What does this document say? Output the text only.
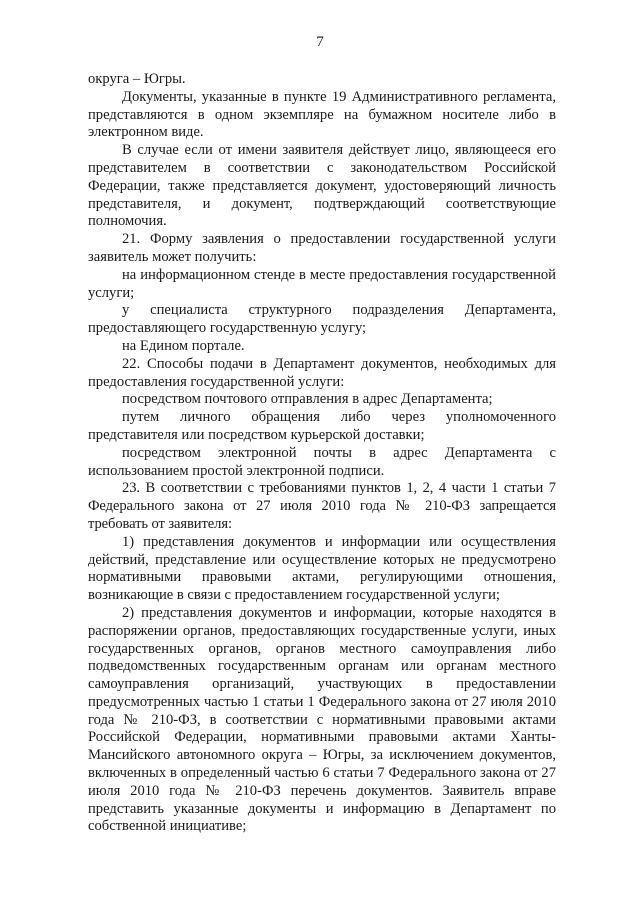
7

округа – Югры.

Документы, указанные в пункте 19 Административного регламента, представляются в одном экземпляре на бумажном носителе либо в электронном виде.

В случае если от имени заявителя действует лицо, являющееся его представителем в соответствии с законодательством Российской Федерации, также представляется документ, удостоверяющий личность представителя, и документ, подтверждающий соответствующие полномочия.

21. Форму заявления о предоставлении государственной услуги заявитель может получить:

на информационном стенде в месте предоставления государственной услуги;

у специалиста структурного подразделения Департамента, предоставляющего государственную услугу;

на Едином портале.

22. Способы подачи в Департамент документов, необходимых для предоставления государственной услуги:

посредством почтового отправления в адрес Департамента;

путем личного обращения либо через уполномоченного представителя или посредством курьерской доставки;

посредством электронной почты в адрес Департамента с использованием простой электронной подписи.

23. В соответствии с требованиями пунктов 1, 2, 4 части 1 статьи 7 Федерального закона от 27 июля 2010 года № 210-ФЗ запрещается требовать от заявителя:

1) представления документов и информации или осуществления действий, представление или осуществление которых не предусмотрено нормативными правовыми актами, регулирующими отношения, возникающие в связи с предоставлением государственной услуги;

2) представления документов и информации, которые находятся в распоряжении органов, предоставляющих государственные услуги, иных государственных органов, органов местного самоуправления либо подведомственных государственным органам или органам местного самоуправления организаций, участвующих в предоставлении предусмотренных частью 1 статьи 1 Федерального закона от 27 июля 2010 года № 210-ФЗ, в соответствии с нормативными правовыми актами Российской Федерации, нормативными правовыми актами Ханты-Мансийского автономного округа – Югры, за исключением документов, включенных в определенный частью 6 статьи 7 Федерального закона от 27 июля 2010 года № 210-ФЗ перечень документов. Заявитель вправе представить указанные документы и информацию в Департамент по собственной инициативе;
